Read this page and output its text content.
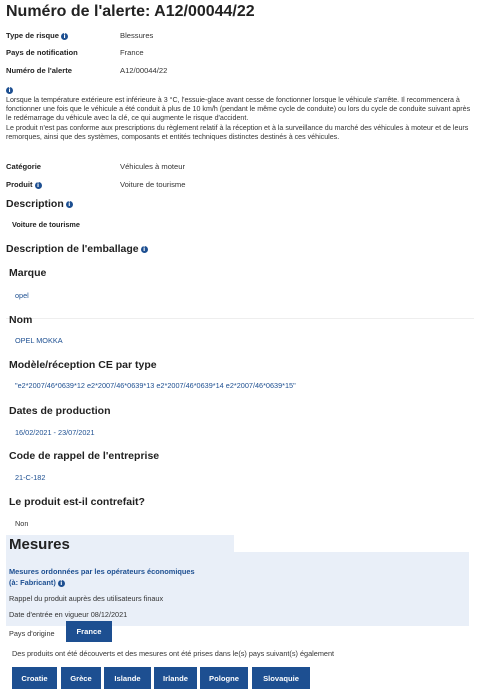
Numéro de l'alerte: A12/00044/22
Type de risque i	Blessures
Pays de notification	France
Numéro de l'alerte	A12/00044/22
i

Lorsque la température extérieure est inférieure à 3 °C, l'essuie-glace avant cesse de fonctionner lorsque le véhicule s'arrête. Il recommencera à fonctionner une fois que le véhicule a été conduit à plus de 10 km/h (pendant le même cycle de conduite) ou lors du cycle de conduite suivant après le redémarrage du véhicule avec la clé, ce qui augmente le risque d'accident.

Le produit n'est pas conforme aux prescriptions du règlement relatif à la réception et à la surveillance du marché des véhicules à moteur et de leurs remorques, ainsi que des systèmes, composants et entités techniques distinctes destinés à ces véhicules.

Catégorie	Véhicules à moteur
Produit i	Voiture de tourisme
Description i
Voiture de tourisme
Description de l'emballage i
Marque
opel
Nom
OPEL MOKKA
Modèle/réception CE par type
"e2*2007/46*0639*12 e2*2007/46*0639*13 e2*2007/46*0639*14 e2*2007/46*0639*15"
Dates de production
16/02/2021 - 23/07/2021
Code de rappel de l'entreprise
21-C-182
Le produit est-il contrefait?
Non
Mesures
Mesures ordonnées par les opérateurs économiques
(à: Fabricant) i
Rappel du produit auprès des utilisateurs finaux
Date d'entrée en vigueur 08/12/2021
Pays d'origine	France
Des produits ont été découverts et des mesures ont été prises dans le(s) pays suivant(s) également
Croatie	Grèce	Islande	Irlande	Pologne	Slovaquie
